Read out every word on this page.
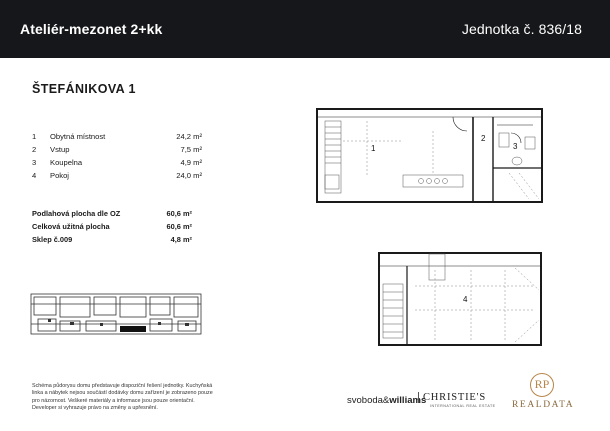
Ateliér-mezonet 2+kk	Jednotka č. 836/18
ŠTEFÁNIKOVA 1
1 Obytná místnost	24,2 m²
2 Vstup	7,5 m²
3 Koupelna	4,9 m²
4 Pokoj	24,0 m²
Podlahová plocha dle OZ	60,6 m²
Celková užitná plocha	60,6 m²
Sklep č.009	4,8 m²
1
2
3
4
Schéma půdorysu domu představuje dispoziční řešení jednotky. Kuchyňská linka a nábytek nejsou součástí dodávky domu zařízení je zobrazeno pouze pro názornost. Veškeré materiály a informace jsou pouze orientační. Developer si vyhrazuje právo na změny a upřesnění.
svoboda&williams
CHRISTIE'S
INTERNATIONAL REAL ESTATE
RP
REALDATA
